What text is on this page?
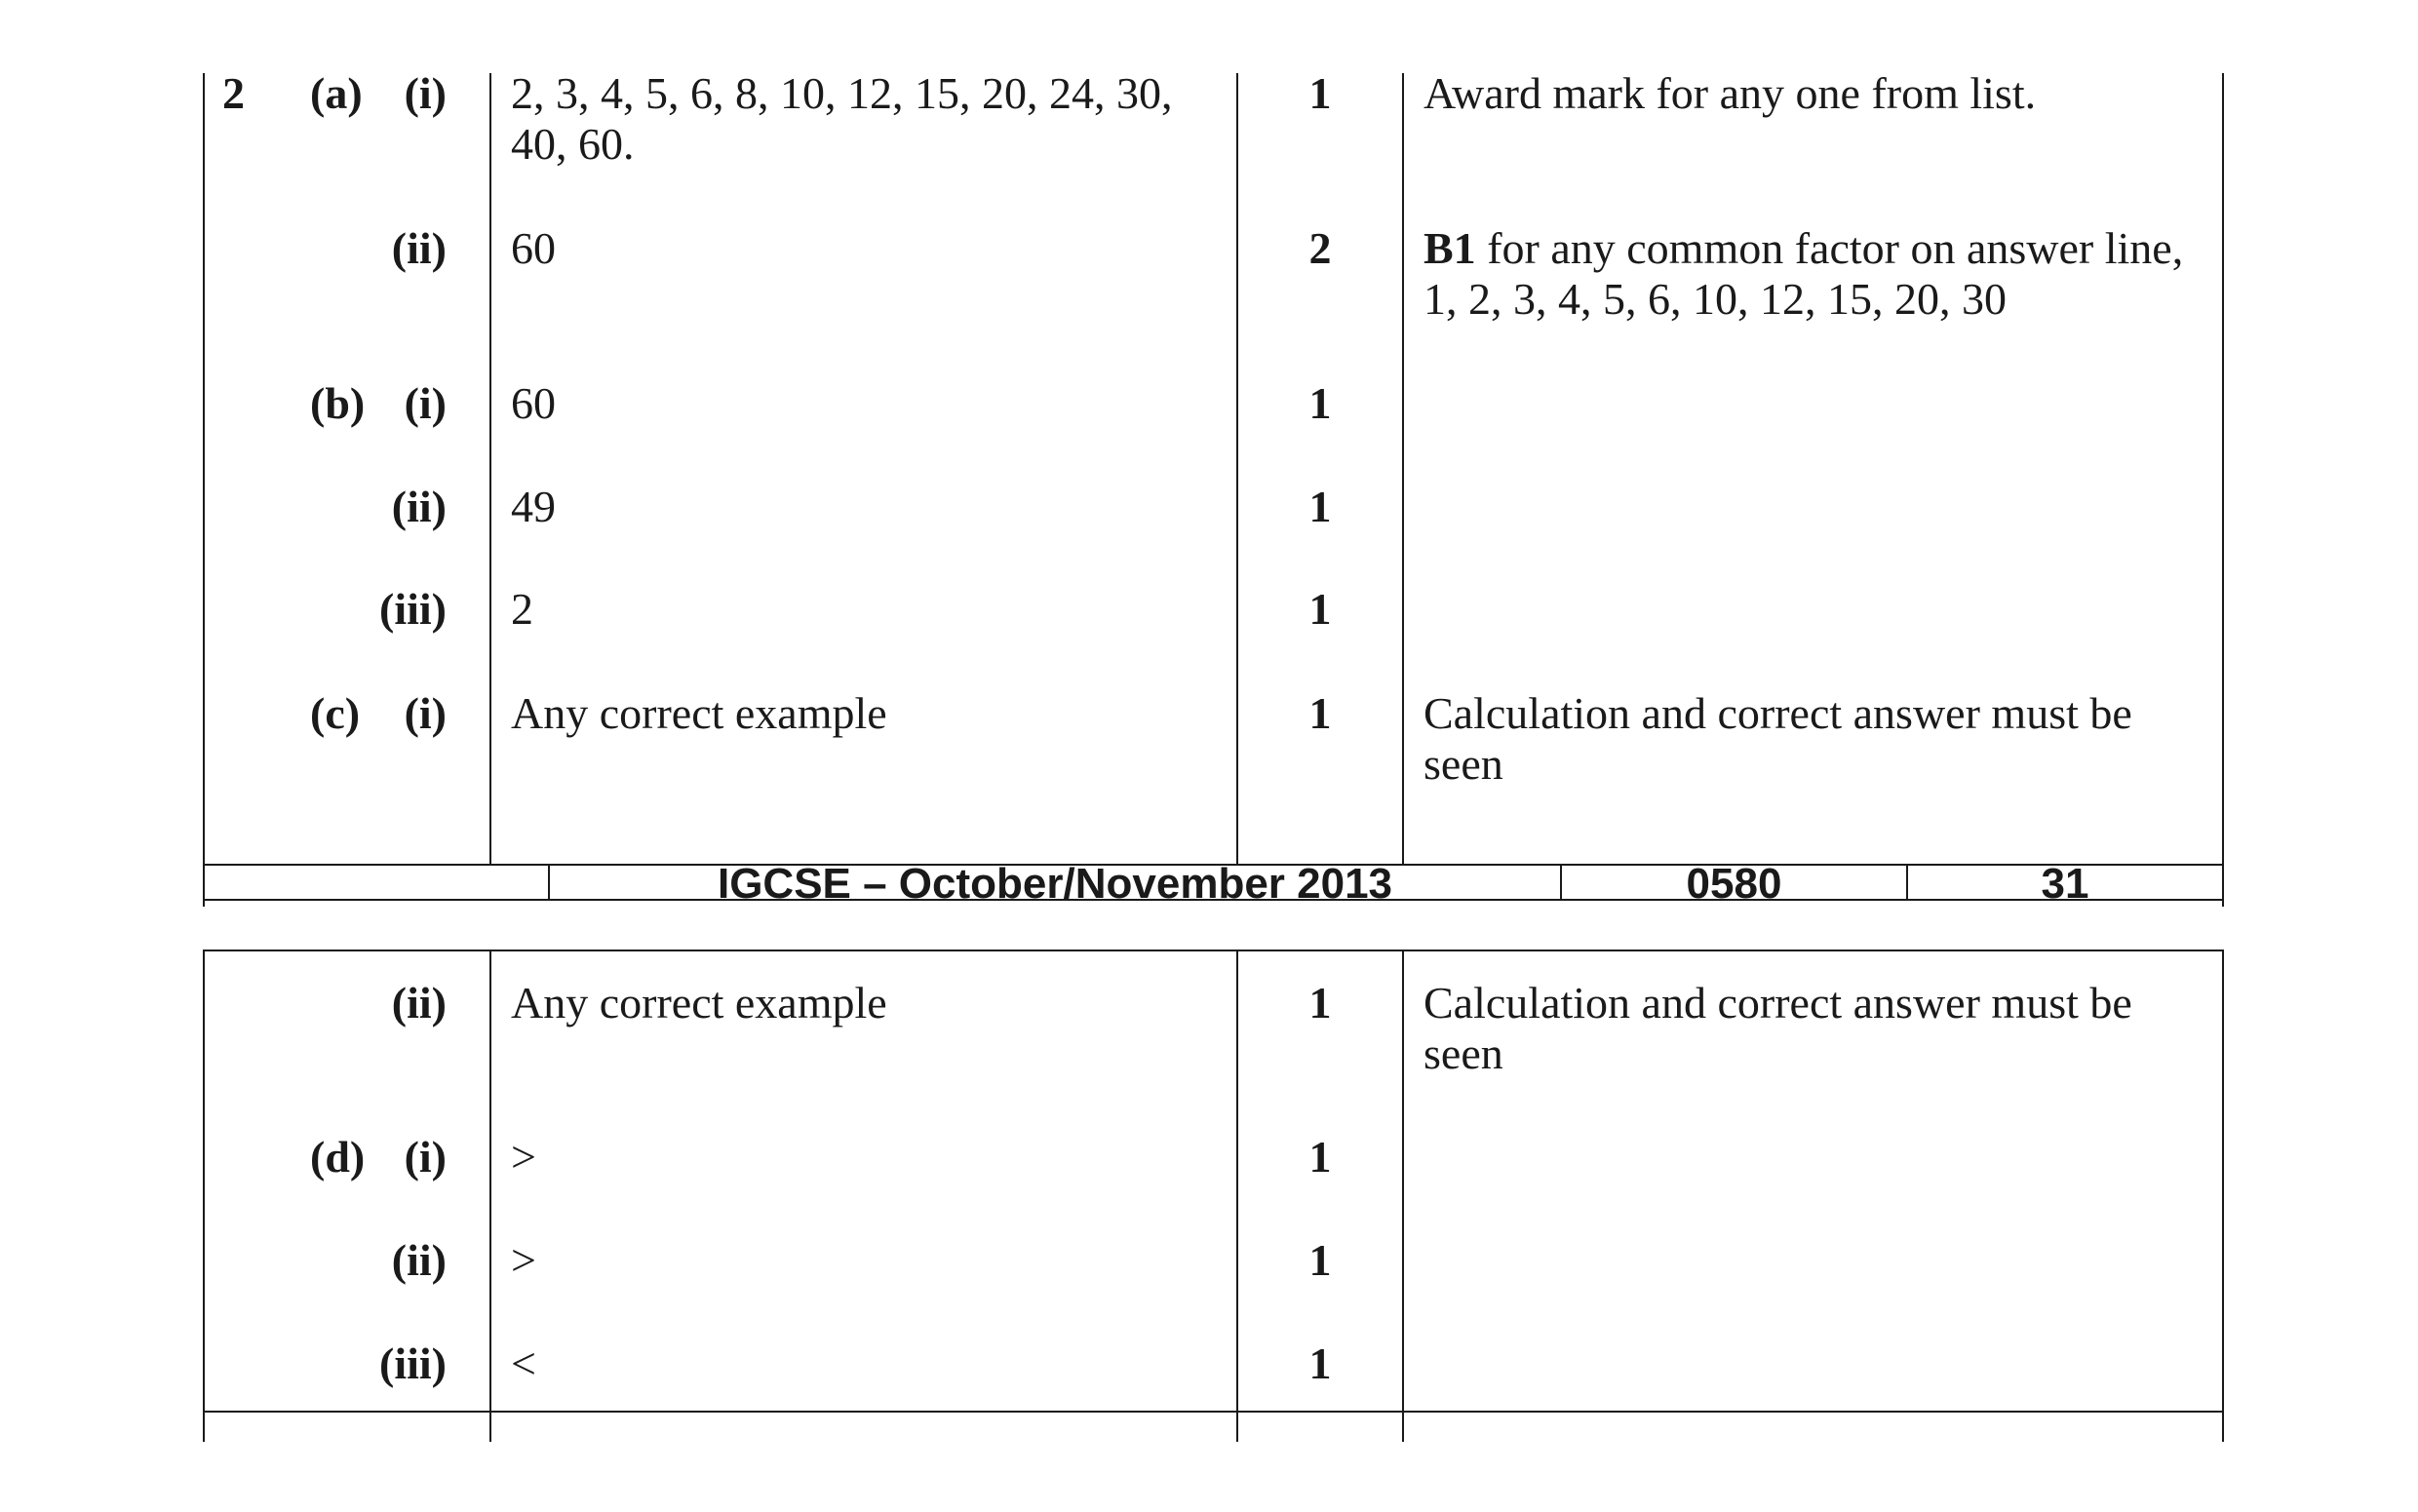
2 (a) (i) 2, 3, 4, 5, 6, 8, 10, 12, 15, 20, 24, 30,
40, 60.
1	Award mark for any one from list.
(ii) 60	2	B1 for any common factor on answer line,
1, 2, 3, 4, 5, 6, 10, 12, 15, 20, 30
(b) (i) 60	1
(ii) 49	1
(iii) 2	1
(c) (i) Any correct example	1	Calculation and correct answer must be
seen
IGCSE – October/November 2013	0580	31
(ii) Any correct example	1	Calculation and correct answer must be
seen
(d) (i) >	1
(ii) >	1
(iii) <	1
